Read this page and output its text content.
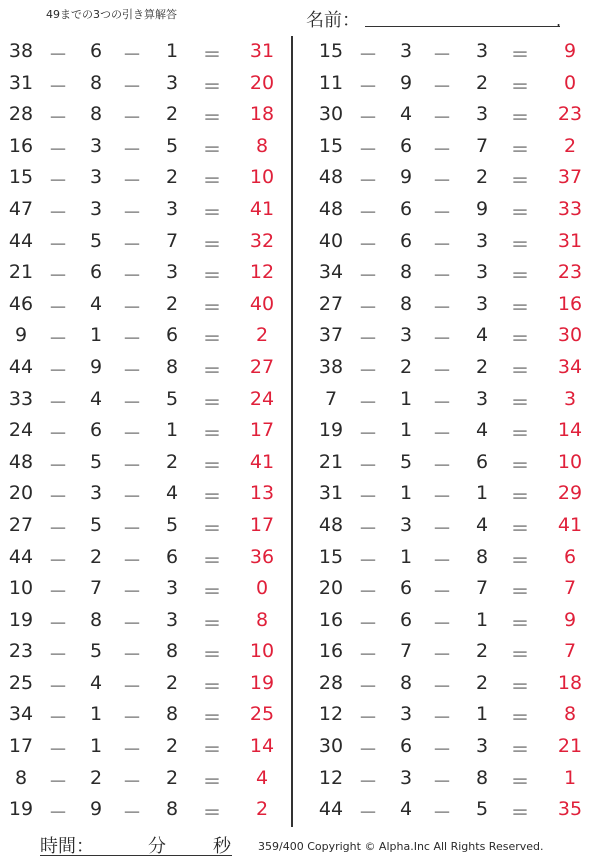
49までの3つの引き算解答	名前：	.
38 －	6	－	1	＝	31
31 －	8	－	3	＝	20
28 －	8	－	2	＝	18
16 －	3	－	5	＝	8
15 －	3	－	2	＝	10
47 －	3	－	3	＝	41
44 －	5	－	7	＝	32
21 －	6	－	3	＝	12
46 －	4	－	2	＝	40
9	－	1	－	6	＝	2
44 －	9	－	8	＝	27
33 －	4	－	5	＝	24
24 －	6	－	1	＝	17
48 －	5	－	2	＝	41
20 －	3	－	4	＝	13
27 －	5	－	5	＝	17
44 －	2	－	6	＝	36
10 －	7	－	3	＝	0
19 －	8	－	3	＝	8
23 －	5	－	8	＝	10
25 －	4	－	2	＝	19
34 －	1	－	8	＝	25
17 －	1	－	2	＝	14
8	－	2	－	2	＝	4
19 －	9	－	8	＝	2
15 －	3	－	3	＝	9
11 －	9	－	2	＝	0
30 －	4	－	3	＝	23
15 －	6	－	7	＝	2
48 －	9	－	2	＝	37
48 －	6	－	9	＝	33
40 －	6	－	3	＝	31
34 －	8	－	3	＝	23
27 －	8	－	3	＝	16
37 －	3	－	4	＝	30
38 －	2	－	2	＝	34
7	－	1	－	3	＝	3
19 －	1	－	4	＝	14
21 －	5	－	6	＝	10
31 －	1	－	1	＝	29
48 －	3	－	4	＝	41
15 －	1	－	8	＝	6
20 －	6	－	7	＝	7
16 －	6	－	1	＝	9
16 －	7	－	2	＝	7
28 －	8	－	2	＝	18
12 －	3	－	1	＝	8
30 －	6	－	3	＝	21
12 －	3	－	8	＝	1
44 －	4	－	5	＝	35
時間：	分	秒 359/400 Copyright © Alpha.Inc All Rights Reserved.
